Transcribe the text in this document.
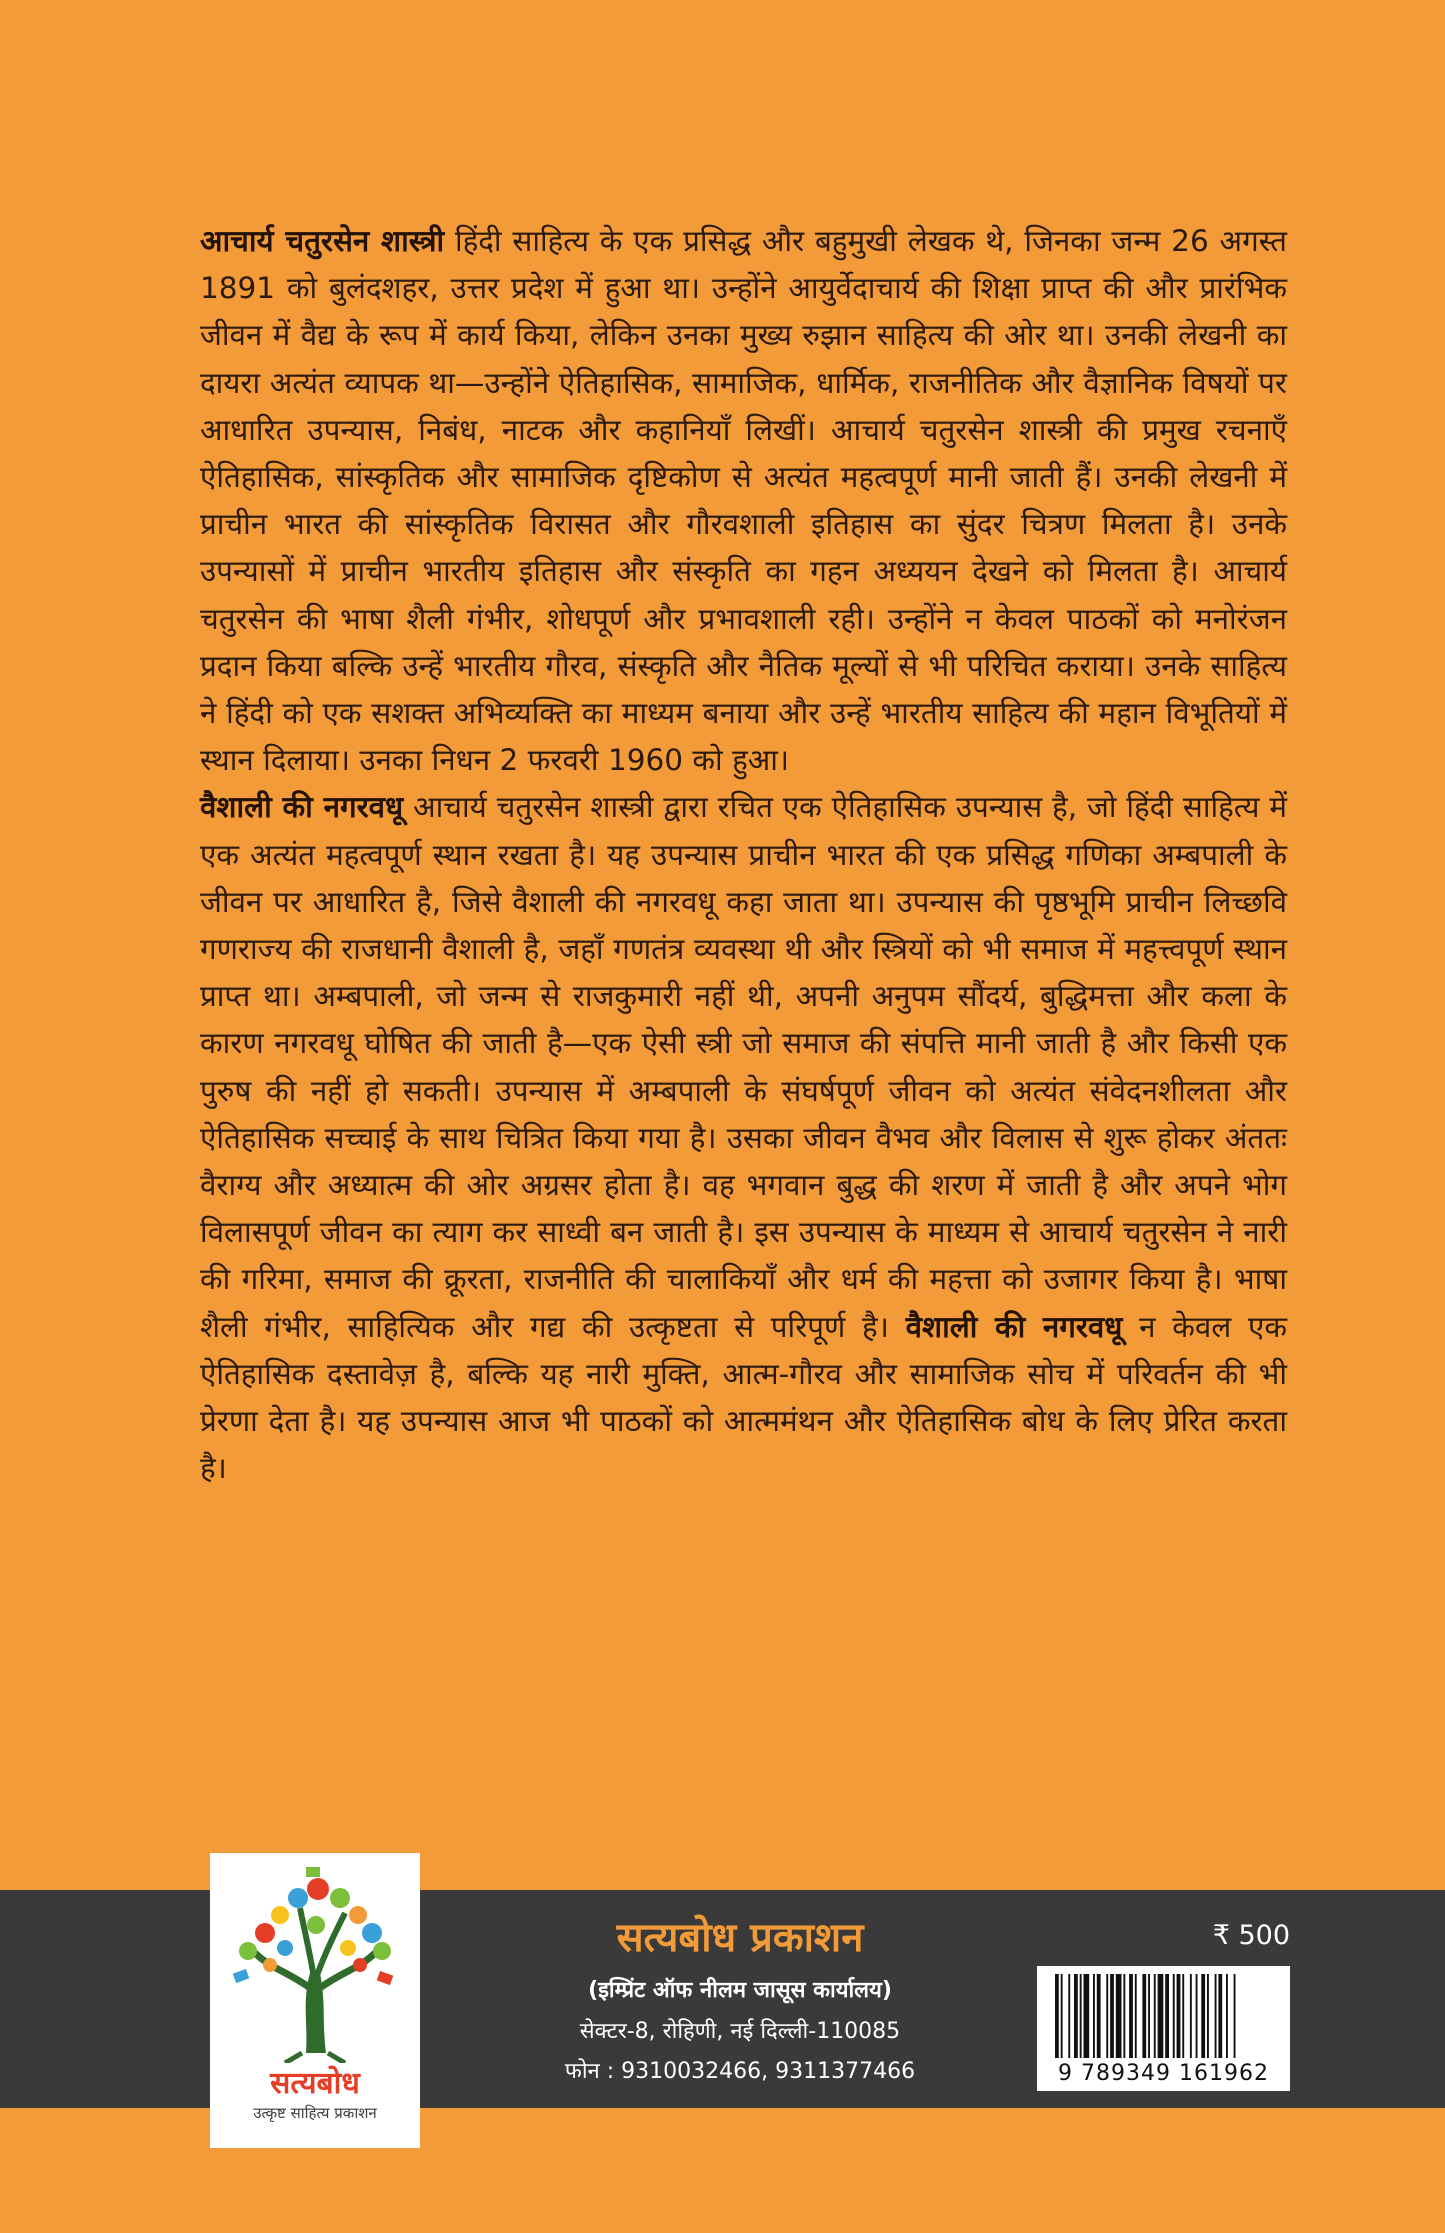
आचार्य चतुरसेन शास्त्री हिंदी साहित्य के एक प्रसिद्ध और बहुमुखी लेखक थे, जिनका जन्म 26 अगस्त 1891 को बुलंदशहर, उत्तर प्रदेश में हुआ था। उन्होंने आयुर्वेदाचार्य की शिक्षा प्राप्त की और प्रारंभिक जीवन में वैद्य के रूप में कार्य किया, लेकिन उनका मुख्य रुझान साहित्य की ओर था। उनकी लेखनी का दायरा अत्यंत व्यापक था—उन्होंने ऐतिहासिक, सामाजिक, धार्मिक, राजनीतिक और वैज्ञानिक विषयों पर आधारित उपन्यास, निबंध, नाटक और कहानियाँ लिखीं। आचार्य चतुरसेन शास्त्री की प्रमुख रचनाएँ ऐतिहासिक, सांस्कृतिक और सामाजिक दृष्टिकोण से अत्यंत महत्वपूर्ण मानी जाती हैं। उनकी लेखनी में प्राचीन भारत की सांस्कृतिक विरासत और गौरवशाली इतिहास का सुंदर चित्रण मिलता है। उनके उपन्यासों में प्राचीन भारतीय इतिहास और संस्कृति का गहन अध्ययन देखने को मिलता है। आचार्य चतुरसेन की भाषा शैली गंभीर, शोधपूर्ण और प्रभावशाली रही। उन्होंने न केवल पाठकों को मनोरंजन प्रदान किया बल्कि उन्हें भारतीय गौरव, संस्कृति और नैतिक मूल्यों से भी परिचित कराया। उनके साहित्य ने हिंदी को एक सशक्त अभिव्यक्ति का माध्यम बनाया और उन्हें भारतीय साहित्य की महान विभूतियों में स्थान दिलाया। उनका निधन 2 फरवरी 1960 को हुआ।

वैशाली की नगरवधू आचार्य चतुरसेन शास्त्री द्वारा रचित एक ऐतिहासिक उपन्यास है, जो हिंदी साहित्य में एक अत्यंत महत्वपूर्ण स्थान रखता है। यह उपन्यास प्राचीन भारत की एक प्रसिद्ध गणिका अम्बपाली के जीवन पर आधारित है, जिसे वैशाली की नगरवधू कहा जाता था। उपन्यास की पृष्ठभूमि प्राचीन लिच्छवि गणराज्य की राजधानी वैशाली है, जहाँ गणतंत्र व्यवस्था थी और स्त्रियों को भी समाज में महत्त्वपूर्ण स्थान प्राप्त था। अम्बपाली, जो जन्म से राजकुमारी नहीं थी, अपनी अनुपम सौंदर्य, बुद्धिमत्ता और कला के कारण नगरवधू घोषित की जाती है—एक ऐसी स्त्री जो समाज की संपत्ति मानी जाती है और किसी एक पुरुष की नहीं हो सकती। उपन्यास में अम्बपाली के संघर्षपूर्ण जीवन को अत्यंत संवेदनशीलता और ऐतिहासिक सच्चाई के साथ चित्रित किया गया है। उसका जीवन वैभव और विलास से शुरू होकर अंततः वैराग्य और अध्यात्म की ओर अग्रसर होता है। वह भगवान बुद्ध की शरण में जाती है और अपने भोग विलासपूर्ण जीवन का त्याग कर साध्वी बन जाती है। इस उपन्यास के माध्यम से आचार्य चतुरसेन ने नारी की गरिमा, समाज की क्रूरता, राजनीति की चालाकियाँ और धर्म की महत्ता को उजागर किया है। भाषा शैली गंभीर, साहित्यिक और गद्य की उत्कृष्टता से परिपूर्ण है। वैशाली की नगरवधू न केवल एक ऐतिहासिक दस्तावेज़ है, बल्कि यह नारी मुक्ति, आत्म-गौरव और सामाजिक सोच में परिवर्तन की भी प्रेरणा देता है। यह उपन्यास आज भी पाठकों को आत्ममंथन और ऐतिहासिक बोध के लिए प्रेरित करता है।

सत्यबोध
उत्कृष्ट साहित्य प्रकाशन
सत्यबोध प्रकाशन
(इम्प्रिंट ऑफ नीलम जासूस कार्यालय)
सेक्टर-8, रोहिणी, नई दिल्ली-110085
फोन : 9310032466, 9311377466
₹ 500
9 789349 161962
